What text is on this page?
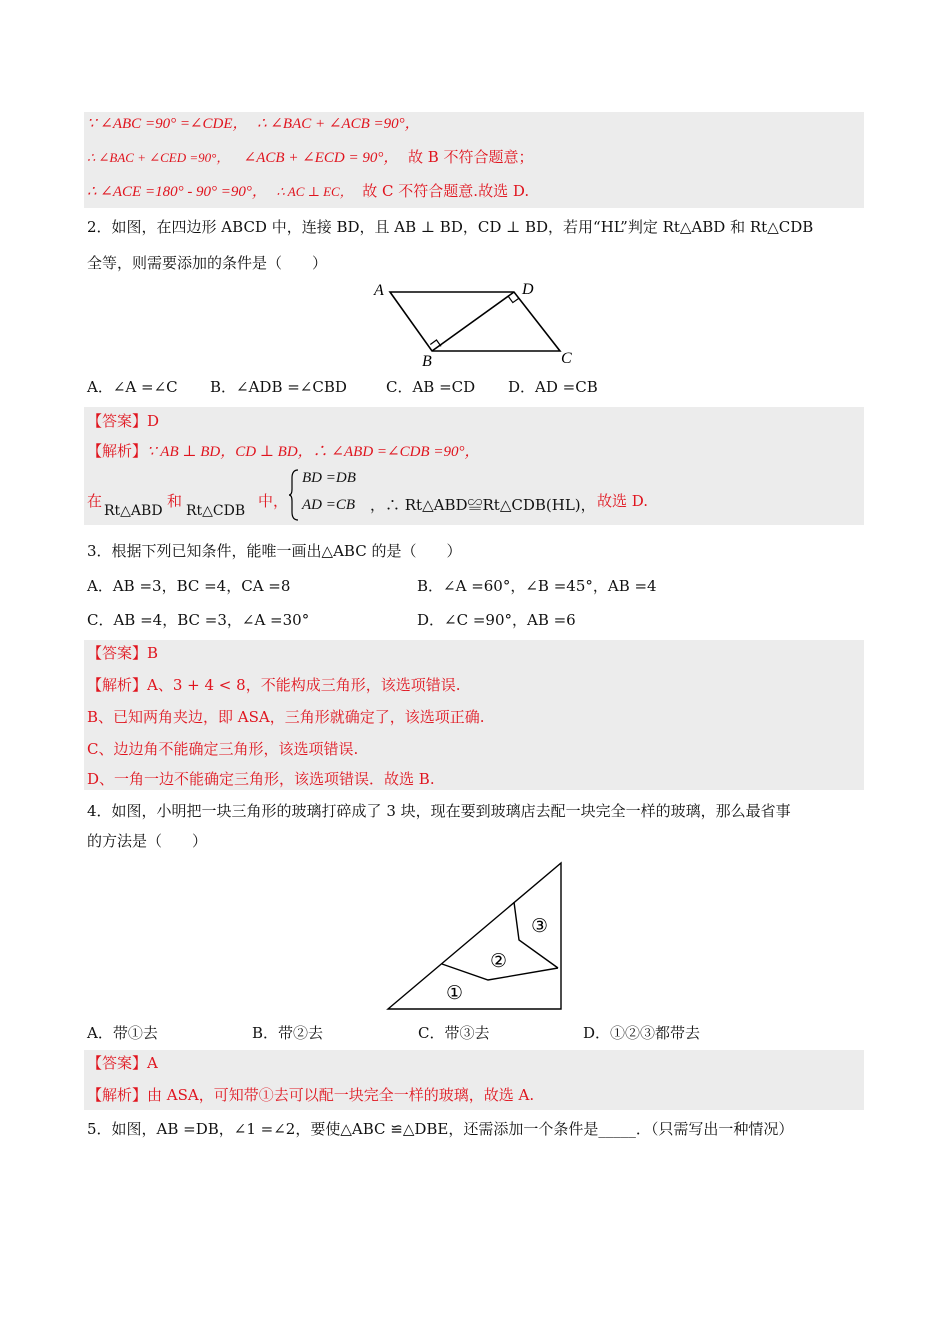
∵ ∠ABC =90° =∠CDE， ∴ ∠BAC + ∠ACB =90°，
∴ ∠BAC + ∠CED =90°， ∠ACB + ∠ECD = 90°， 故 B 不符合题意；
∴ ∠ACE =180° - 90° =90°， ∴ AC ⊥ EC， 故 C 不符合题意.故选 D.
2．如图，在四边形 ABCD 中，连接 BD，且 AB ⊥ BD，CD ⊥ BD，若用“HL”判定 Rt△ABD 和 Rt△CDB
全等，则需要添加的条件是（　　）
A	D
B	C
A．∠A =∠C B．∠ADB =∠CBD	C．AB =CD D．AD =CB
【答案】D
【解析】∵ AB ⊥ BD，CD ⊥ BD，∴ ∠ABD =∠CDB =90°，
在
Rt△ABD
和
Rt△CDB
中，
BD =DB
AD =CB ，∴ Rt△ABD≌Rt△CDB(HL)， 故选 D.
3．根据下列已知条件，能唯一画出△ABC 的是（　　）
A．AB =3，BC =4，CA =8	B．∠A =60°，∠B =45°，AB =4
C．AB =4，BC =3，∠A =30°	D．∠C =90°，AB =6
【答案】B
【解析】A、3 + 4 < 8，不能构成三角形，该选项错误.
B、已知两角夹边，即 ASA，三角形就确定了，该选项正确.
C、边边角不能确定三角形，该选项错误.
D、一角一边不能确定三角形，该选项错误．故选 B.
4．如图，小明把一块三角形的玻璃打碎成了 3 块，现在要到玻璃店去配一块完全一样的玻璃，那么最省事
的方法是（　　）
①
②
③
A．带①去	B．带②去	C．带③去	D．①②③都带去
【答案】A
【解析】由 ASA，可知带①去可以配一块完全一样的玻璃，故选 A.
5．如图，AB =DB，∠1 =∠2，要使△ABC ≌△DBE，还需添加一个条件是_____．（只需写出一种情况）
